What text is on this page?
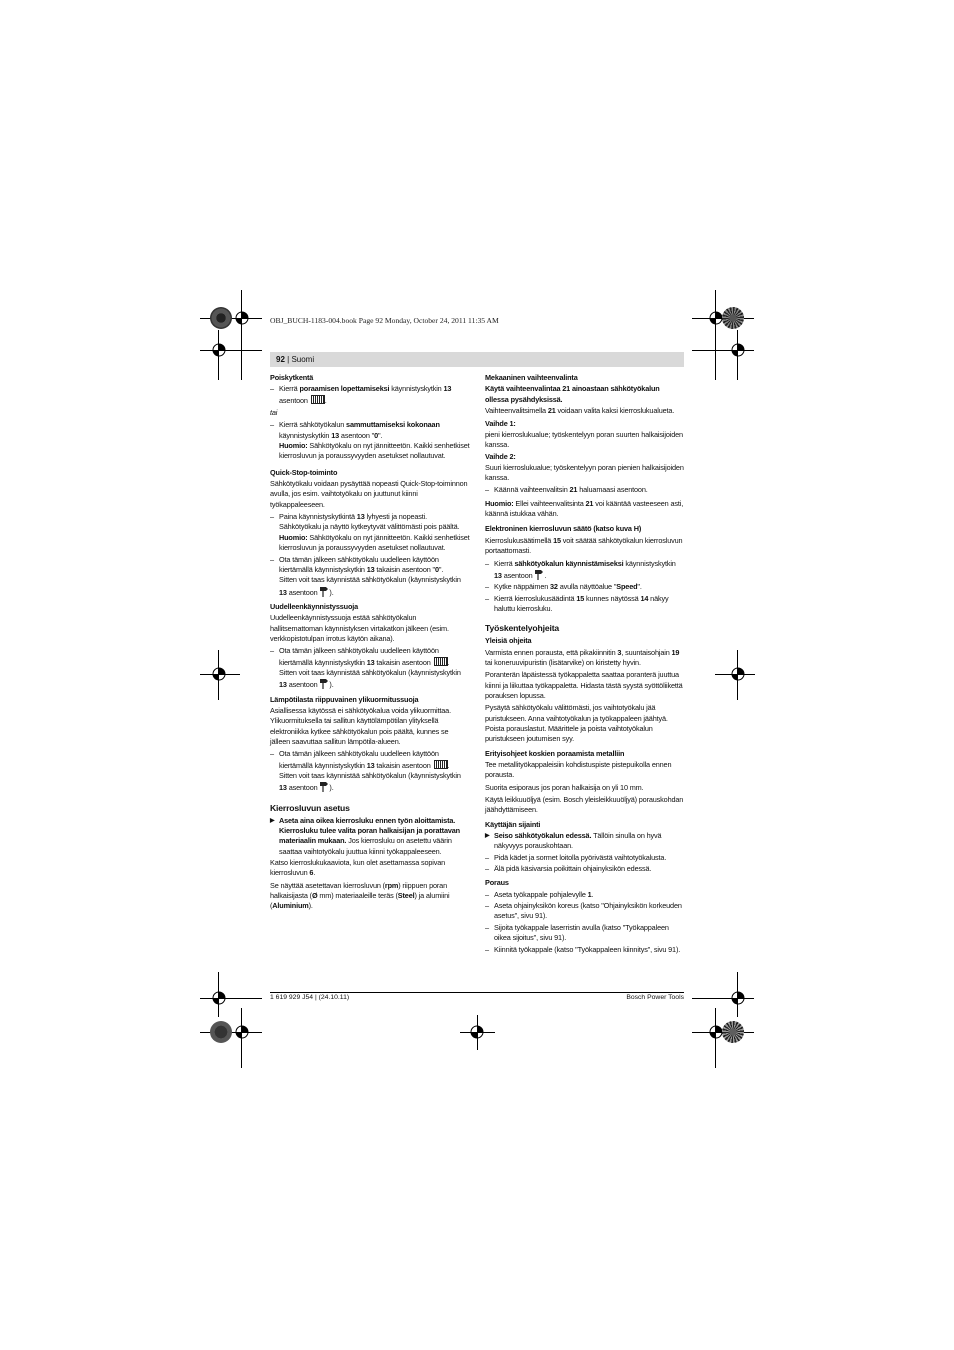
OBJ_BUCH-1183-004.book Page 92 Monday, October 24, 2011 11:35 AM
92 | Suomi

Poiskytkentä

– Kierrä poraamisen lopettamiseksi käynnistyskytkin 13 asentoon .

tai

– Kierrä sähkötyökalun sammuttamiseksi kokonaan käynnistyskytkin 13 asentoon "0".
Huomio: Sähkötyökalu on nyt jännitteetön. Kaikki senhetkiset kierrosluvun ja poraussyvyyden asetukset nollautuvat.

Quick-Stop-toiminto

Sähkötyökalu voidaan pysäyttää nopeasti Quick-Stop-toiminnon avulla, jos esim. vaihtotyökalu on juuttunut kiinni työkappaleeseen.

– Paina käynnistyskytkintä 13 lyhyesti ja nopeasti.
Sähkötyökalu ja näyttö kytkeytyvät välittömästi pois päältä.
Huomio: Sähkötyökalu on nyt jännitteetön. Kaikki senhetkiset kierrosluvun ja poraussyvyyden asetukset nollautuvat.
– Ota tämän jälkeen sähkötyökalu uudelleen käyttöön kiertämällä käynnistyskytkin 13 takaisin asentoon "0".
Sitten voit taas käynnistää sähkötyökalun (käynnistyskytkin 13 asentoon ).

Uudelleenkäynnistyssuoja

Uudelleenkäynnistyssuoja estää sähkötyökalun hallitsemattoman käynnistyksen virtakatkon jälkeen (esim. verkkopistotulpan irrotus käytön aikana).

– Ota tämän jälkeen sähkötyökalu uudelleen käyttöön kiertämällä käynnistyskytkin 13 takaisin asentoon .
Sitten voit taas käynnistää sähkötyökalun (käynnistyskytkin 13 asentoon ).

Lämpötilasta riippuvainen ylikuormitussuoja

Asiallisessa käytössä ei sähkötyökalua voida ylikuormittaa. Ylikuormituksella tai sallitun käyttölämpötilan ylityksellä elektroniikka kytkee sähkötyökalun pois päältä, kunnes se jälleen saavuttaa sallitun lämpötila-alueen.

– Ota tämän jälkeen sähkötyökalu uudelleen käyttöön kiertämällä käynnistyskytkin 13 takaisin asentoon .
Sitten voit taas käynnistää sähkötyökalun (käynnistyskytkin 13 asentoon ).

Kierrosluvun asetus

▶ Aseta aina oikea kierrosluku ennen työn aloittamista. Kierrosluku tulee valita poran halkaisijan ja porattavan materiaalin mukaan. Jos kierrosluku on asetettu väärin saattaa vaihtotyökalu juuttua kiinni työkappaleeseen.

Katso kierroslukukaaviota, kun olet asettamassa sopivan kierrosluvun 6.

Se näyttää asetettavan kierrosluvun (rpm) riippuen poran halkaisijasta (Ø mm) materiaaleille teräs (Steel) ja alumiini (Aluminium).

Mekaaninen vaihteenvalinta

Käytä vaihteenvalintaa 21 ainoastaan sähkötyökalun ollessa pysähdyksissä.

Vaihteenvalitsimella 21 voidaan valita kaksi kierroslukualueta.

Vaihde 1:

pieni kierroslukualue; työskentelyyn poran suurten halkaisijoiden kanssa.

Vaihde 2:

Suuri kierroslukualue; työskentelyyn poran pienien halkaisijoiden kanssa.

– Käännä vaihteenvalitsin 21 haluamaasi asentoon.

Huomio: Ellei vaihteenvalitsinta 21 voi kääntää vasteeseen asti, käännä istukkaa vähän.

Elektroninen kierrosluvun säätö (katso kuva H)

Kierroslukusäätimellä 15 voit säätää sähkötyökalun kierrosluvun portaattomasti.

– Kierrä sähkötyökalun käynnistämiseksi käynnistyskytkin 13 asentoon .
– Kytke näppäimen 32 avulla näyttöalue "Speed".
– Kierrä kierroslukusäädintä 15 kunnes näytössä 14 näkyy haluttu kierrosluku.

Työskentelyohjeita

Yleisiä ohjeita

Varmista ennen porausta, että pikakiinnitin 3, suuntaisohjain 19 tai koneruuvipuristin (lisätarvike) on kiristetty hyvin.

Poranterän läpäistessä työkappaletta saattaa poranterä juuttua kiinni ja liikuttaa työkappaletta. Hidasta tästä syystä syöttöliikettä porauksen lopussa.

Pysäytä sähkötyökalu välittömästi, jos vaihtotyökalu jää puristukseen. Anna vaihtotyökalun ja työkappaleen jäähtyä. Poista porauslastut. Määrittele ja poista vaihtotyökalun puristukseen joutumisen syy.

Erityisohjeet koskien poraamista metalliin

Tee metallityökappaleisiin kohdistuspiste pistepuikolla ennen porausta.

Suorita esiporaus jos poran halkaisija on yli 10 mm.

Käytä leikkuuöljyä (esim. Bosch yleisleikkuuöljyä) porauskohdan jäähdyttämiseen.

Käyttäjän sijainti

▶ Seiso sähkötyökalun edessä. Tällöin sinulla on hyvä näkyvyys porauskohtaan.
– Pidä kädet ja sormet loitolla pyörivästä vaihtotyökalusta.
– Älä pidä käsivarsia poikittain ohjainyksikön edessä.

Poraus

– Aseta työkappale pohjalevylle 1.
– Aseta ohjainyksikön koreus (katso "Ohjainyksikön korkeuden asetus", sivu 91).
– Sijoita työkappale laserristin avulla (katso "Työkappaleen oikea sijoitus", sivu 91).
– Kiinnitä työkappale (katso "Työkappaleen kiinnitys", sivu 91).
1 619 929 J54 | (24.10.11)	Bosch Power Tools
